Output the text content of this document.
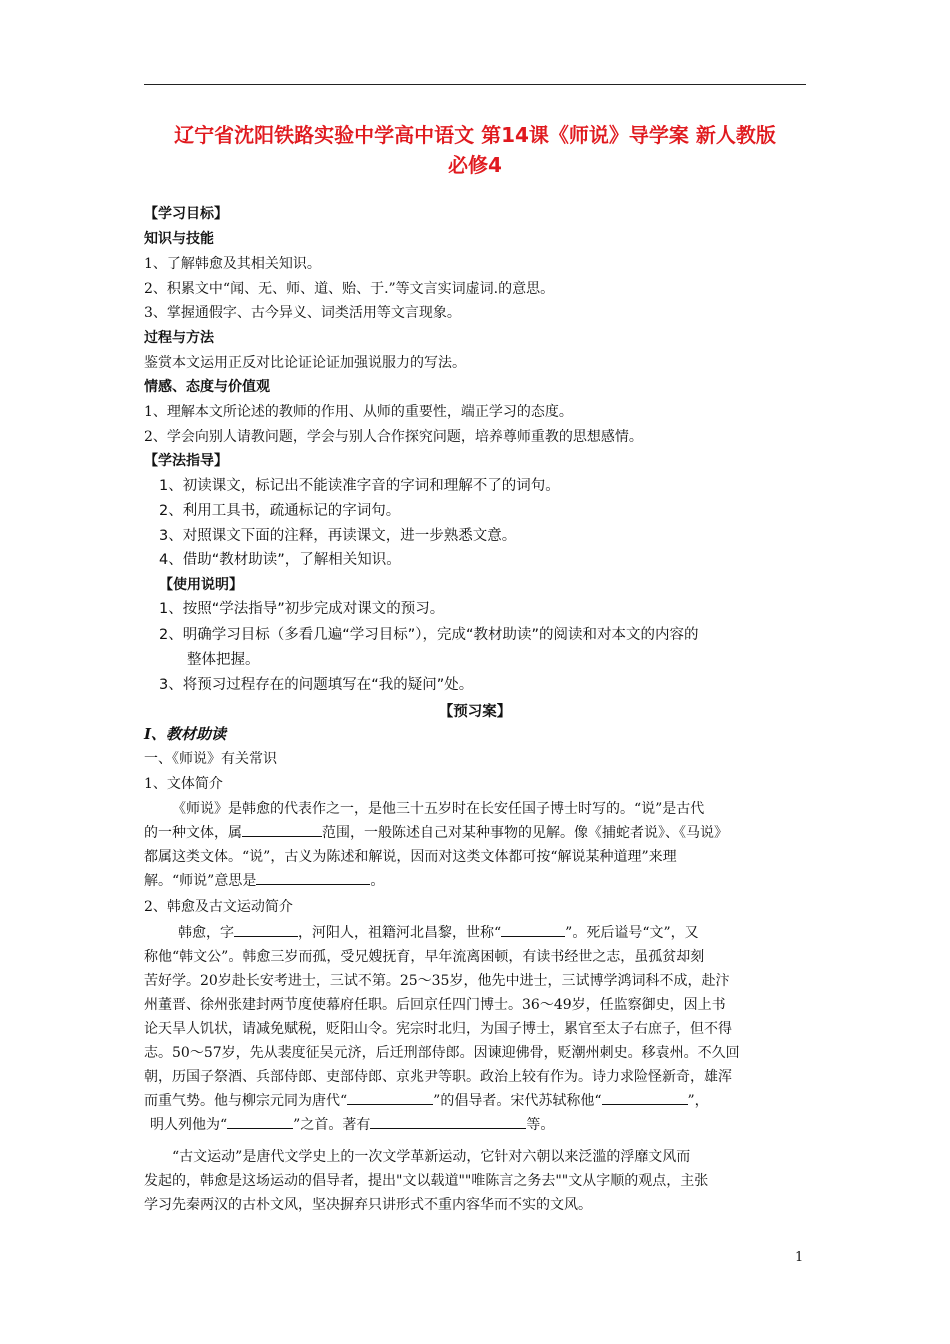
辽宁省沈阳铁路实验中学高中语文 第14课《师说》导学案 新人教版
必修4
【学习目标】
知识与技能
1、了解韩愈及其相关知识。
2、积累文中“闻、无、师、道、贻、于.”等文言实词虚词.的意思。
3、掌握通假字、古今异义、词类活用等文言现象。
过程与方法
鉴赏本文运用正反对比论证论证加强说服力的写法。
情感、态度与价值观
1、理解本文所论述的教师的作用、从师的重要性，端正学习的态度。
2、学会向别人请教问题，学会与别人合作探究问题，培养尊师重教的思想感情。
【学法指导】
1、初读课文，标记出不能读准字音的字词和理解不了的词句。
2、利用工具书，疏通标记的字词句。
3、对照课文下面的注释，再读课文，进一步熟悉文意。
4、借助“教材助读”，了解相关知识。
【使用说明】
1、按照“学法指导”初步完成对课文的预习。
2、明确学习目标（多看几遍“学习目标”），完成“教材助读”的阅读和对本文的内容的
整体把握。
3、将预习过程存在的问题填写在“我的疑问”处。
【预习案】
I、教材助读
一、《师说》有关常识
1、文体简介

《师说》是韩愈的代表作之一，是他三十五岁时在长安任国子博士时写的。“说”是古代

的一种文体，属	范围，一般陈述自己对某种事物的见解。像《捕蛇者说》、《马说》

都属这类文体。“说”，古义为陈述和解说，因而对这类文体都可按“解说某种道理”来理

解。“师说”意思是	。

2、韩愈及古文运动简介

韩愈，字	，河阳人，祖籍河北昌黎，世称“	”。死后谥号“文”，又

称他“韩文公”。韩愈三岁而孤，受兄嫂抚育，早年流离困顿，有读书经世之志，虽孤贫却刻

苦好学。20岁赴长安考进士，三试不第。25～35岁，他先中进士，三试博学鸿词科不成，赴汴

州董晋、徐州张建封两节度使幕府任职。后回京任四门博士。36～49岁，任监察御史，因上书

论天旱人饥状，请减免赋税，贬阳山令。宪宗时北归，为国子博士，累官至太子右庶子，但不得

志。50～57岁，先从裴度征吴元济，后迁刑部侍郎。因谏迎佛骨，贬潮州刺史。移袁州。不久回

朝，历国子祭酒、兵部侍郎、吏部侍郎、京兆尹等职。政治上较有作为。诗力求险怪新奇，雄浑

而重气势。他与柳宗元同为唐代“	”的倡导者。宋代苏轼称他“	”，

明人列他为“	”之首。著有	等。

“古文运动”是唐代文学史上的一次文学革新运动，它针对六朝以来泛滥的浮靡文风而

发起的，韩愈是这场运动的倡导者，提出"文以载道""唯陈言之务去""文从字顺的观点，主张

学习先秦两汉的古朴文风，坚决摒弃只讲形式不重内容华而不实的文风。

1
